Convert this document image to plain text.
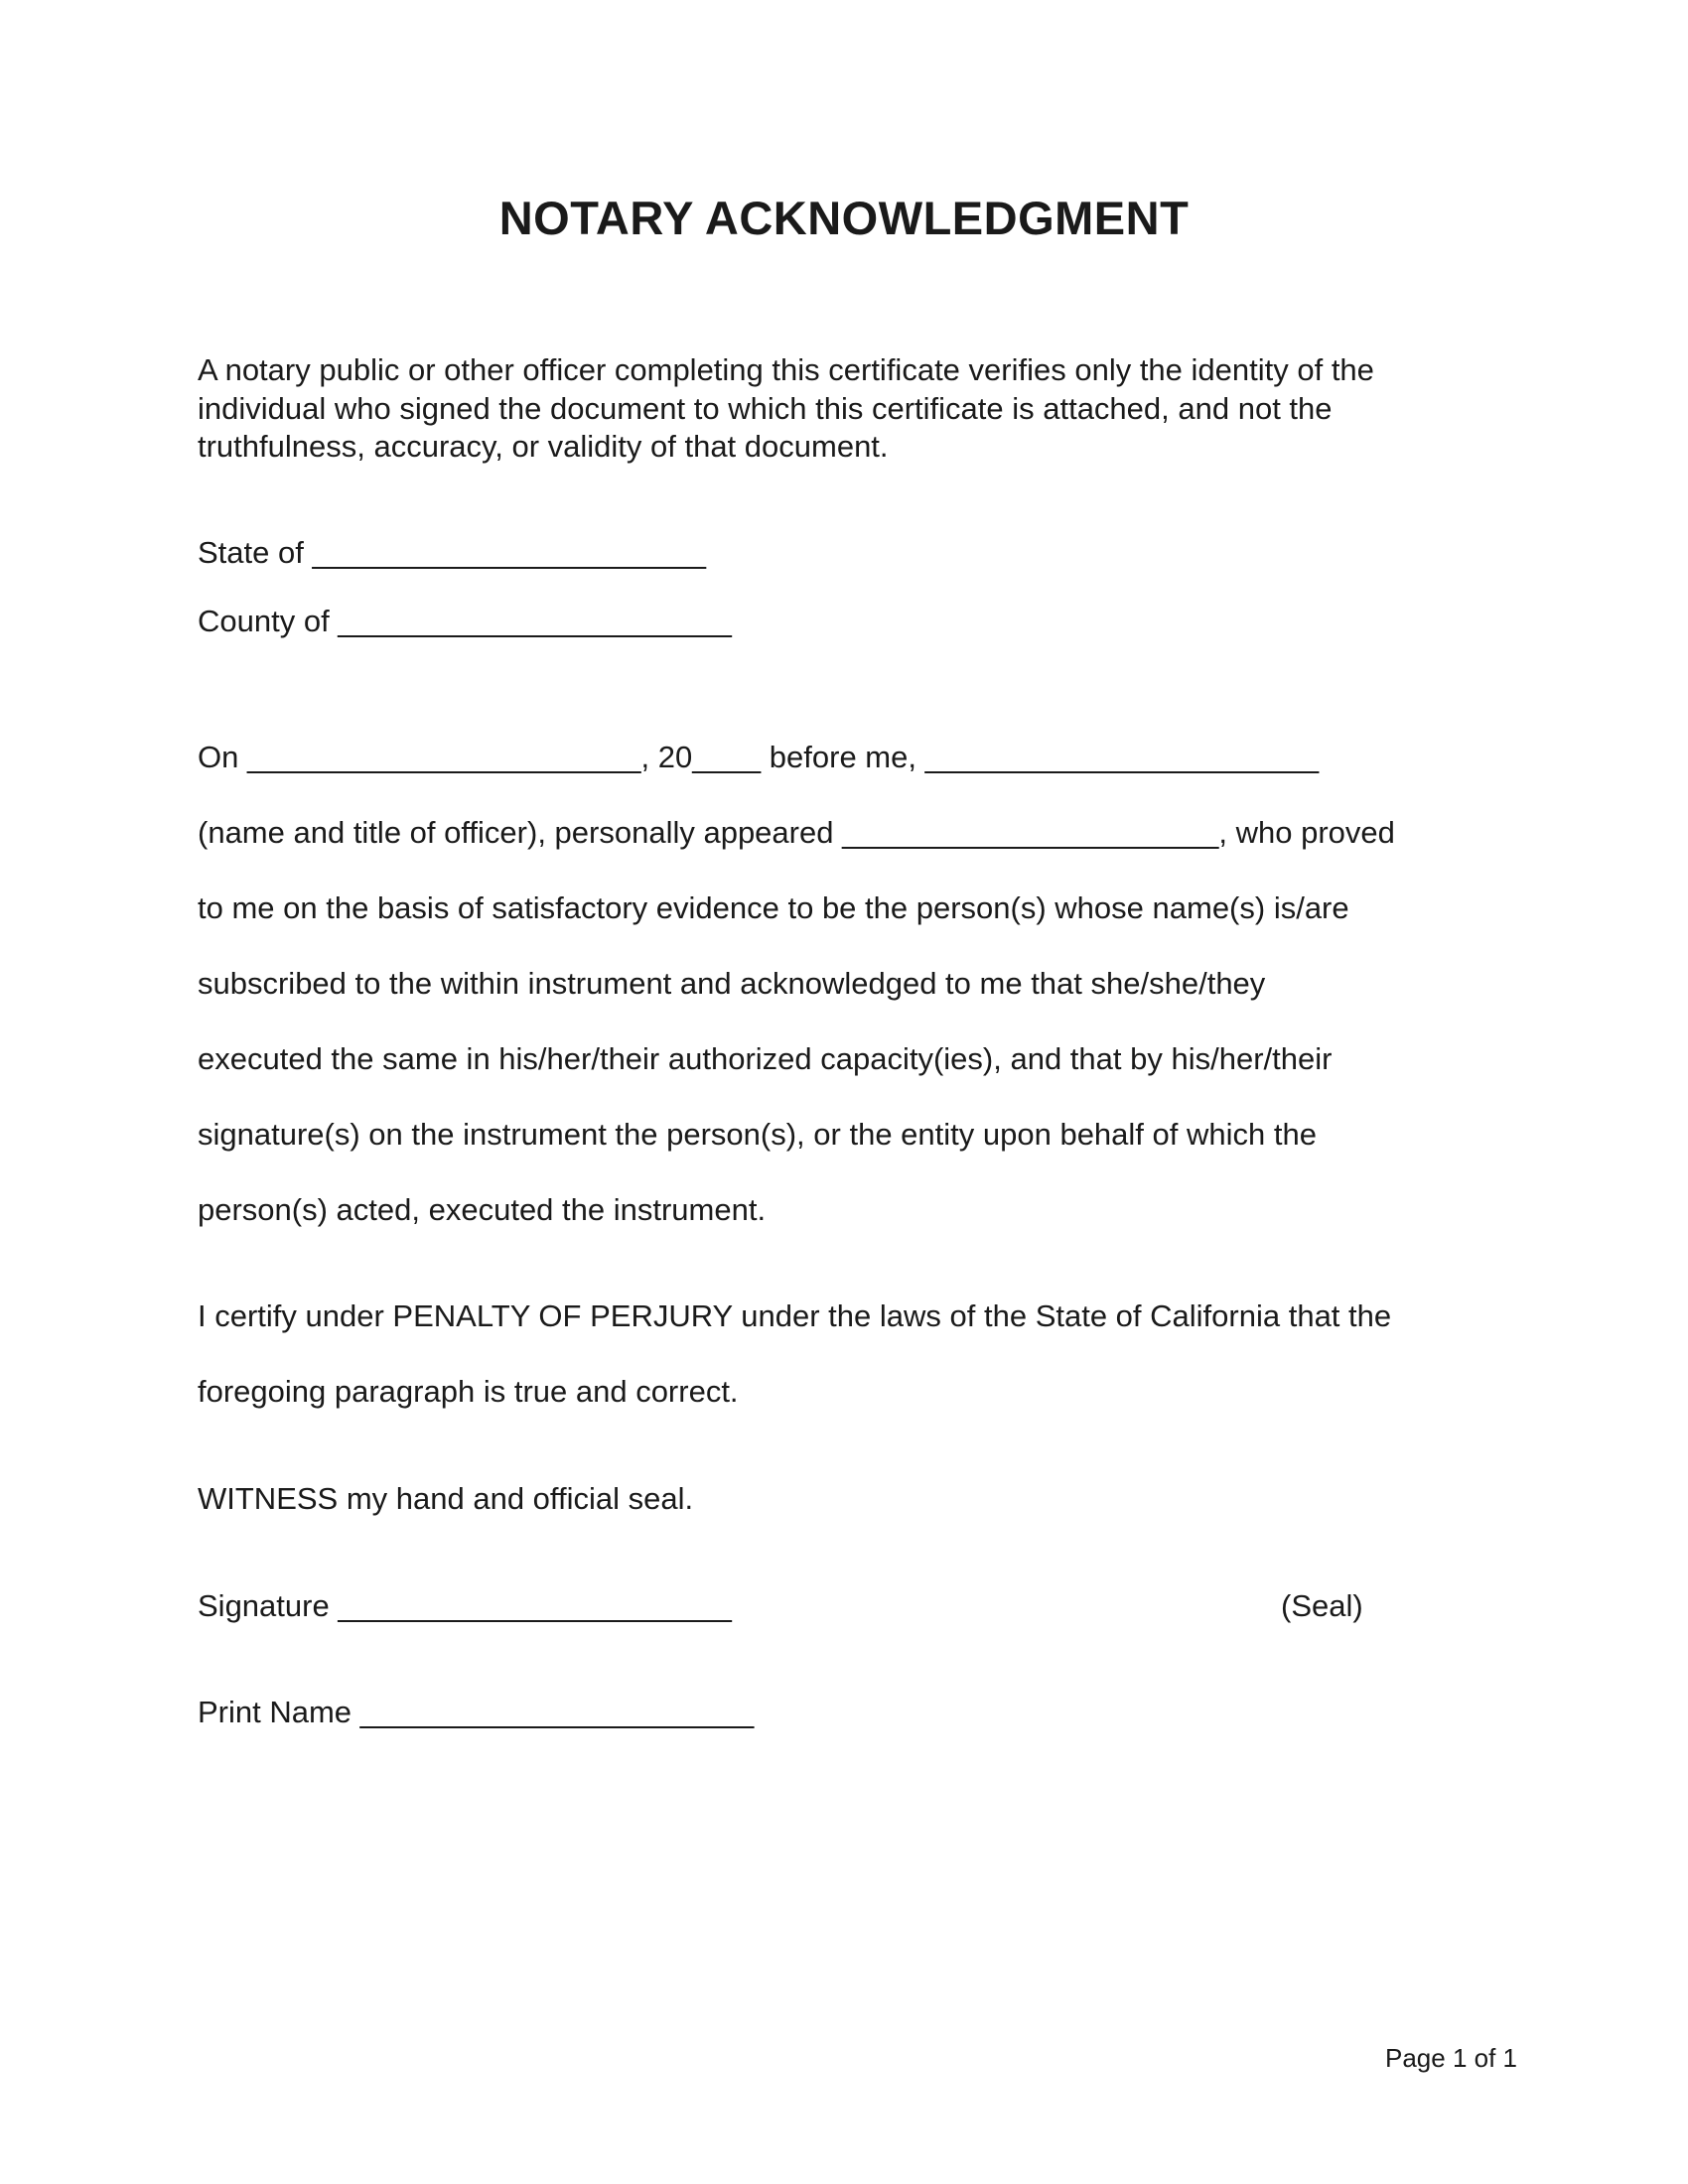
NOTARY ACKNOWLEDGMENT

A notary public or other officer completing this certificate verifies only the identity of the

individual who signed the document to which this certificate is attached, and not the

truthfulness, accuracy, or validity of that document.

State of _______________________
County of _______________________
On _______________________, 20____ before me, _______________________
(name and title of officer), personally appeared ______________________, who proved
to me on the basis of satisfactory evidence to be the person(s) whose name(s) is/are
subscribed to the within instrument and acknowledged to me that she/she/they
executed the same in his/her/their authorized capacity(ies), and that by his/her/their
signature(s) on the instrument the person(s), or the entity upon behalf of which the
person(s) acted, executed the instrument.
I certify under PENALTY OF PERJURY under the laws of the State of California that the
foregoing paragraph is true and correct.
WITNESS my hand and official seal.
Signature _______________________	(Seal)
Print Name _______________________
Page 1 of 1
